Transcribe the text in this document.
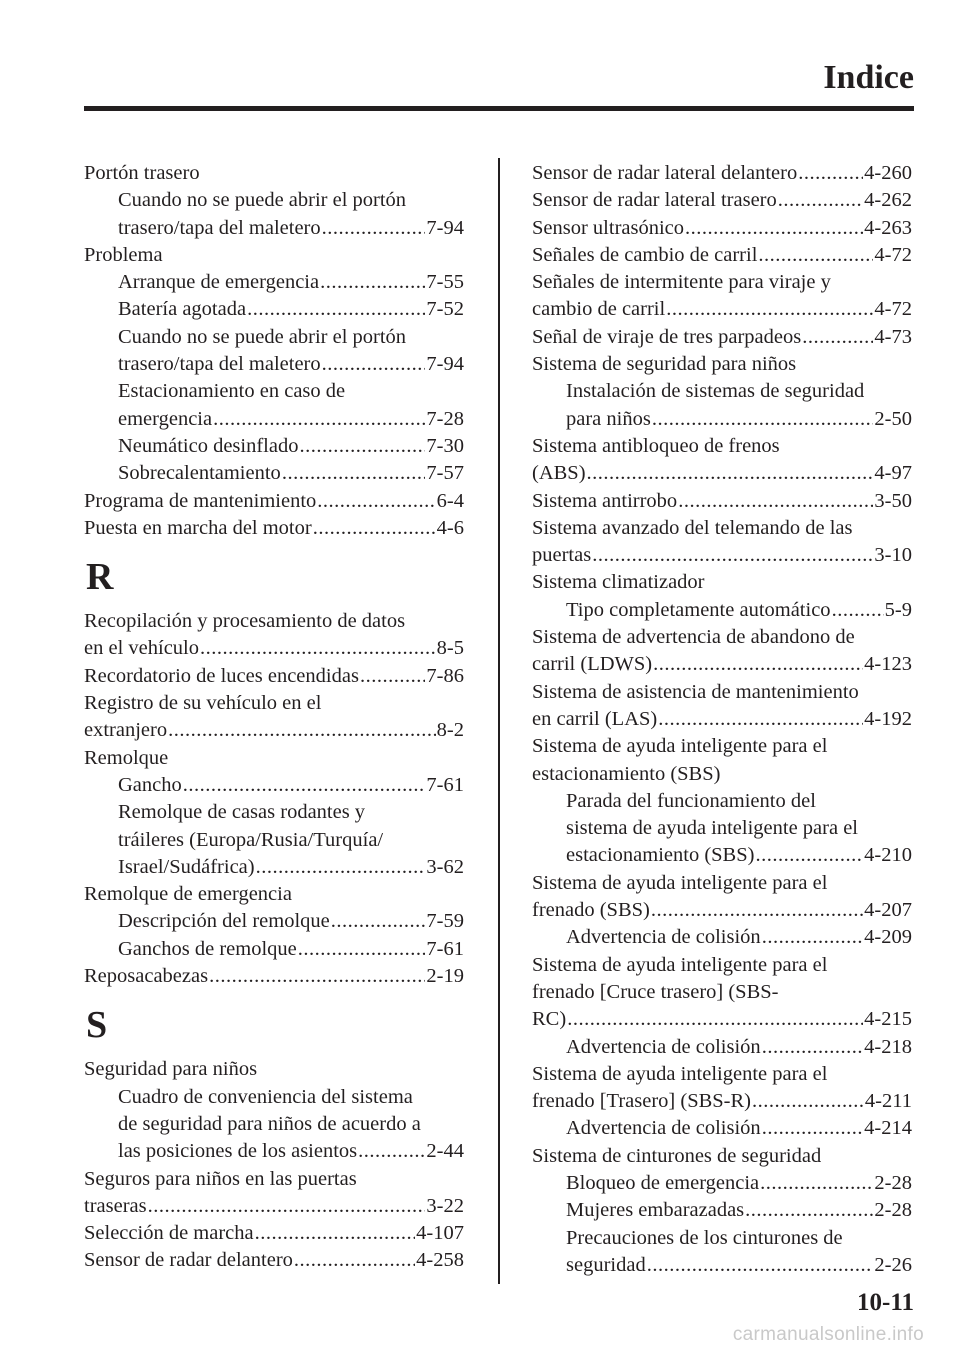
Indice
Portón trasero
Cuando no se puede abrir el portón
trasero/tapa del maletero .....	7-94
Problema
Arranque de emergencia .....	7-55
Batería agotada .....	7-52
Cuando no se puede abrir el portón
trasero/tapa del maletero .....	7-94
Estacionamiento en caso de
emergencia .....	7-28
Neumático desinflado .....	7-30
Sobrecalentamiento .....	7-57
Programa de mantenimiento .....	6-4
Puesta en marcha del motor .....	4-6
R
Recopilación y procesamiento de datos
en el vehículo .....	8-5
Recordatorio de luces encendidas .....	7-86
Registro de su vehículo en el
extranjero .....	8-2
Remolque
Gancho .....	7-61
Remolque de casas rodantes y
tráileres (Europa/Rusia/Turquía/
Israel/Sudáfrica) .....	3-62
Remolque de emergencia
Descripción del remolque .....	7-59
Ganchos de remolque .....	7-61
Reposacabezas .....	2-19
S
Seguridad para niños
Cuadro de conveniencia del sistema
de seguridad para niños de acuerdo a
las posiciones de los asientos .....	2-44
Seguros para niños en las puertas
traseras .....	3-22
Selección de marcha .....	4-107
Sensor de radar delantero .....	4-258
Sensor de radar lateral delantero .....	4-260
Sensor de radar lateral trasero .....	4-262
Sensor ultrasónico .....	4-263
Señales de cambio de carril .....	4-72
Señales de intermitente para viraje y
cambio de carril .....	4-72
Señal de viraje de tres parpadeos .....	4-73
Sistema de seguridad para niños
Instalación de sistemas de seguridad
para niños .....	2-50
Sistema antibloqueo de frenos
(ABS) .....	4-97
Sistema antirrobo .....	3-50
Sistema avanzado del telemando de las
puertas .....	3-10
Sistema climatizador
Tipo completamente automático .....	5-9
Sistema de advertencia de abandono de
carril (LDWS) .....	4-123
Sistema de asistencia de mantenimiento
en carril (LAS) .....	4-192
Sistema de ayuda inteligente para el
estacionamiento (SBS)
Parada del funcionamiento del
sistema de ayuda inteligente para el
estacionamiento (SBS) .....	4-210
Sistema de ayuda inteligente para el
frenado (SBS) .....	4-207
Advertencia de colisión .....	4-209
Sistema de ayuda inteligente para el
frenado [Cruce trasero] (SBS-
RC) .....	4-215
Advertencia de colisión .....	4-218
Sistema de ayuda inteligente para el
frenado [Trasero] (SBS-R) .....	4-211
Advertencia de colisión .....	4-214
Sistema de cinturones de seguridad
Bloqueo de emergencia .....	2-28
Mujeres embarazadas .....	2-28
Precauciones de los cinturones de
seguridad .....	2-26
10-11
carmanualsonline.info
